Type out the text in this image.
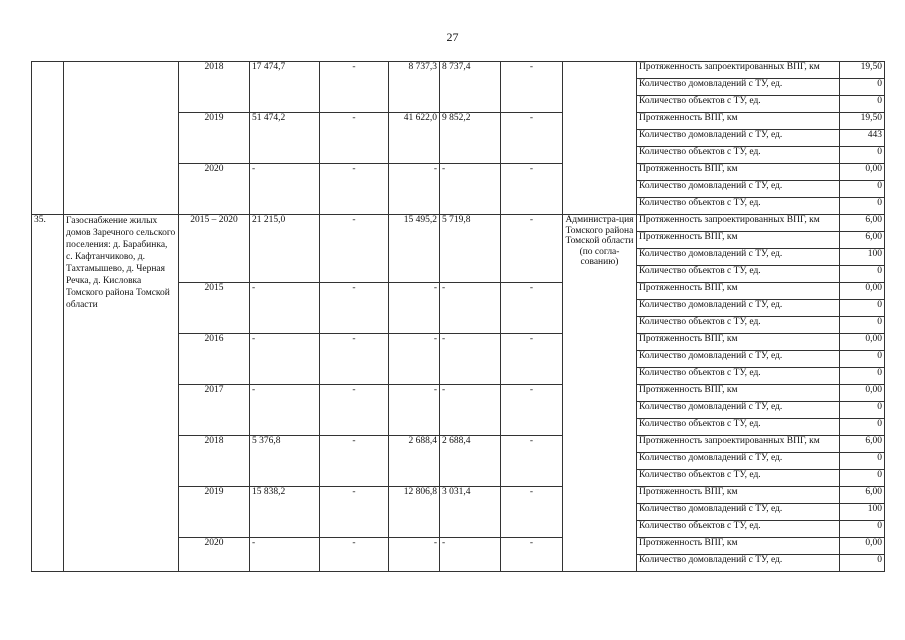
27

		2018	17 474,7	-	8 737,3	8 737,4	-		Протяженность запроектированных ВПГ, км	19,50

									Количество домовладений с ТУ, ед.	0

									Количество объектов с ТУ, ед.	0

		2019	51 474,2	-	41 622,0	9 852,2	-		Протяженность ВПГ, км	19,50

									Количество домовладений с ТУ, ед.	443

									Количество объектов с ТУ, ед.	0

		2020	-	-	-	-	-		Протяженность ВПГ, км	0,00

									Количество домовладений с ТУ, ед.	0

									Количество объектов с ТУ, ед.	0

35.	Газоснабжение жилых домов Заречного сельского поселения: д. Барабинка, с. Кафтанчиково, д. Тахтамышево, д. Черная Речка, д. Кисловка Томского района Томской области	2015 – 2020	21 215,0	-	15 495,2	5 719,8	-	Администра-ция Томского района Томской области (по согла-сованию)	Протяженность запроектированных ВПГ, км	6,00

									Протяженность ВПГ, км	6,00

									Количество домовладений с ТУ, ед.	100

									Количество объектов с ТУ, ед.	0

		2015	-	-	-	-	-		Протяженность ВПГ, км	0,00

									Количество домовладений с ТУ, ед.	0

									Количество объектов с ТУ, ед.	0

		2016	-	-	-	-	-		Протяженность ВПГ, км	0,00

									Количество домовладений с ТУ, ед.	0

									Количество объектов с ТУ, ед.	0

		2017	-	-	-	-	-		Протяженность ВПГ, км	0,00

									Количество домовладений с ТУ, ед.	0

									Количество объектов с ТУ, ед.	0

		2018	5 376,8	-	2 688,4	2 688,4	-		Протяженность запроектированных ВПГ, км	6,00

									Количество домовладений с ТУ, ед.	0

									Количество объектов с ТУ, ед.	0

		2019	15 838,2	-	12 806,8	3 031,4	-		Протяженность ВПГ, км	6,00

									Количество домовладений с ТУ, ед.	100

									Количество объектов с ТУ, ед.	0

		2020	-	-	-	-	-		Протяженность ВПГ, км	0,00

									Количество домовладений с ТУ, ед.	0
